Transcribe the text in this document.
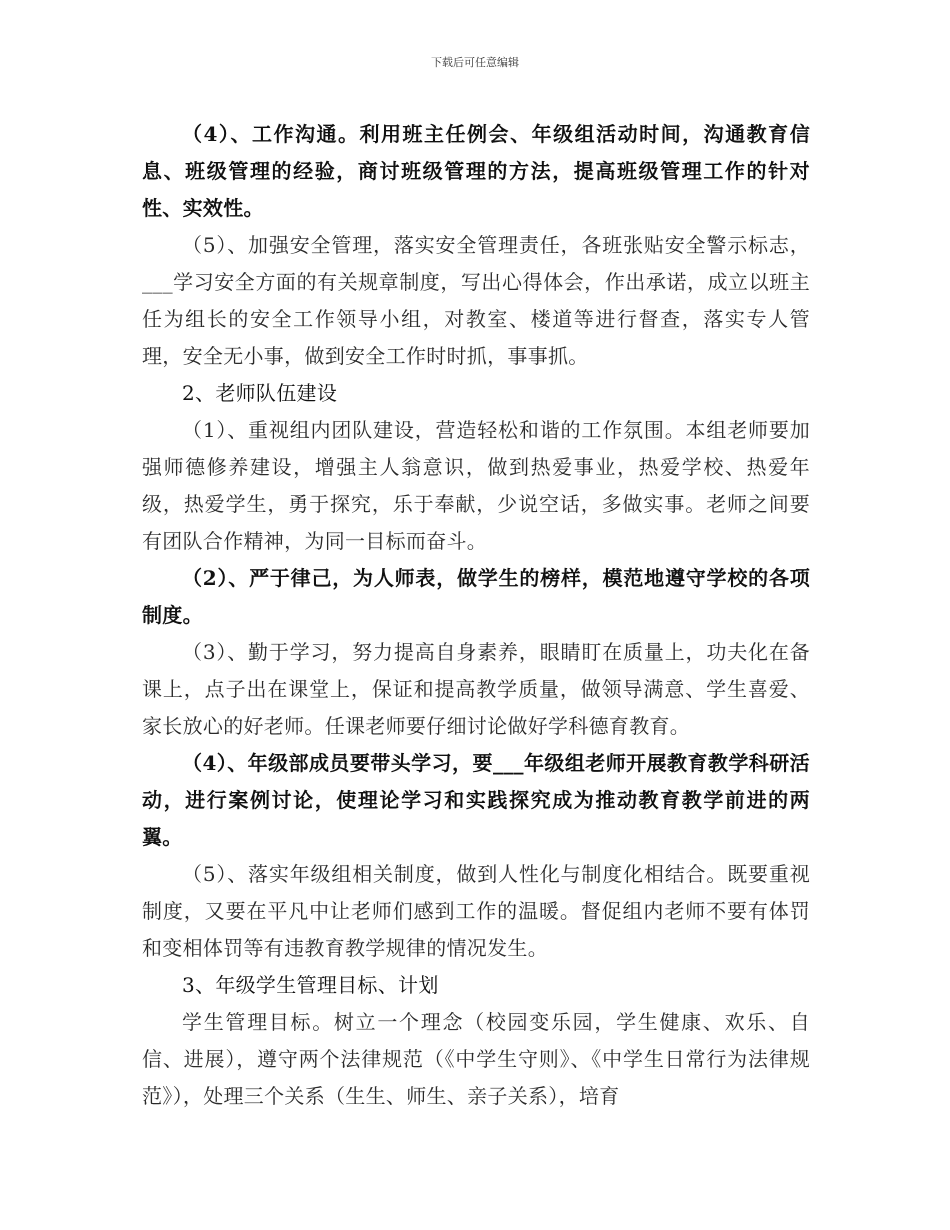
下载后可任意编辑

（4）、工作沟通。利用班主任例会、年级组活动时间，沟通教育信息、班级管理的经验，商讨班级管理的方法，提高班级管理工作的针对性、实效性。

（5）、加强安全管理，落实安全管理责任，各班张贴安全警示标志，___学习安全方面的有关规章制度，写出心得体会，作出承诺，成立以班主任为组长的安全工作领导小组，对教室、楼道等进行督查，落实专人管理，安全无小事，做到安全工作时时抓，事事抓。

2、老师队伍建设

（1）、重视组内团队建设，营造轻松和谐的工作氛围。本组老师要加强师德修养建设，增强主人翁意识，做到热爱事业，热爱学校、热爱年级，热爱学生，勇于探究，乐于奉献，少说空话，多做实事。老师之间要有团队合作精神，为同一目标而奋斗。

（2）、严于律己，为人师表，做学生的榜样，模范地遵守学校的各项制度。

（3）、勤于学习，努力提高自身素养，眼睛盯在质量上，功夫化在备课上，点子出在课堂上，保证和提高教学质量，做领导满意、学生喜爱、家长放心的好老师。任课老师要仔细讨论做好学科德育教育。

（4）、年级部成员要带头学习，要___年级组老师开展教育教学科研活动，进行案例讨论，使理论学习和实践探究成为推动教育教学前进的两翼。

（5）、落实年级组相关制度，做到人性化与制度化相结合。既要重视制度，又要在平凡中让老师们感到工作的温暖。督促组内老师不要有体罚和变相体罚等有违教育教学规律的情况发生。

3、年级学生管理目标、计划

学生管理目标。树立一个理念（校园变乐园，学生健康、欢乐、自信、进展），遵守两个法律规范（《中学生守则》、《中学生日常行为法律规范》），处理三个关系（生生、师生、亲子关系），培育
